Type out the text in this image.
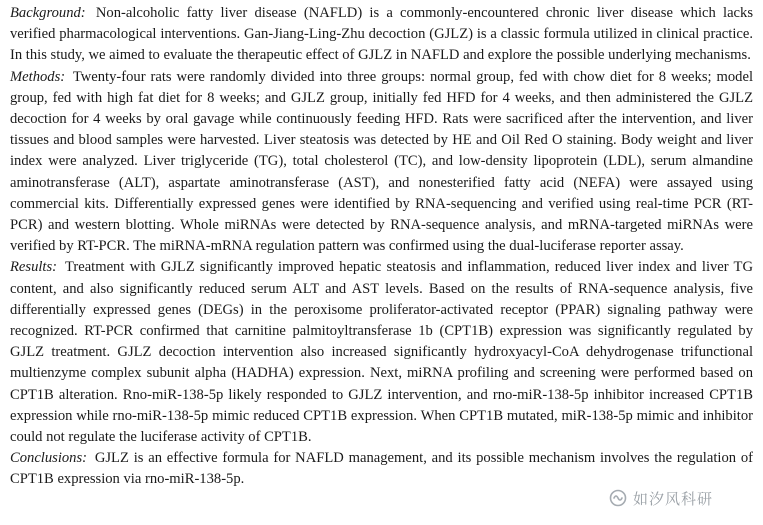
Background: Non-alcoholic fatty liver disease (NAFLD) is a commonly-encountered chronic liver disease which lacks verified pharmacological interventions. Gan-Jiang-Ling-Zhu decoction (GJLZ) is a classic formula utilized in clinical practice. In this study, we aimed to evaluate the therapeutic effect of GJLZ in NAFLD and explore the possible underlying mechanisms.

Methods: Twenty-four rats were randomly divided into three groups: normal group, fed with chow diet for 8 weeks; model group, fed with high fat diet for 8 weeks; and GJLZ group, initially fed HFD for 4 weeks, and then administered the GJLZ decoction for 4 weeks by oral gavage while continuously feeding HFD. Rats were sacrificed after the intervention, and liver tissues and blood samples were harvested. Liver steatosis was detected by HE and Oil Red O staining. Body weight and liver index were analyzed. Liver triglyceride (TG), total cholesterol (TC), and low-density lipoprotein (LDL), serum almandine aminotransferase (ALT), aspartate aminotransferase (AST), and nonesterified fatty acid (NEFA) were assayed using commercial kits. Differentially expressed genes were identified by RNA-sequencing and verified using real-time PCR (RT-PCR) and western blotting. Whole miRNAs were detected by RNA-sequence analysis, and mRNA-targeted miRNAs were verified by RT-PCR. The miRNA-mRNA regulation pattern was confirmed using the dual-luciferase reporter assay.

Results: Treatment with GJLZ significantly improved hepatic steatosis and inflammation, reduced liver index and liver TG content, and also significantly reduced serum ALT and AST levels. Based on the results of RNA-sequence analysis, five differentially expressed genes (DEGs) in the peroxisome proliferator-activated receptor (PPAR) signaling pathway were recognized. RT-PCR confirmed that carnitine palmitoyltransferase 1b (CPT1B) expression was significantly regulated by GJLZ treatment. GJLZ decoction intervention also increased significantly hydroxyacyl-CoA dehydrogenase trifunctional multienzyme complex subunit alpha (HADHA) expression. Next, miRNA profiling and screening were performed based on CPT1B alteration. Rno-miR-138-5p likely responded to GJLZ intervention, and rno-miR-138-5p inhibitor increased CPT1B expression while rno-miR-138-5p mimic reduced CPT1B expression. When CPT1B mutated, miR-138-5p mimic and inhibitor could not regulate the luciferase activity of CPT1B.

Conclusions: GJLZ is an effective formula for NAFLD management, and its possible mechanism involves the regulation of CPT1B expression via rno-miR-138-5p.

如汐风科研
